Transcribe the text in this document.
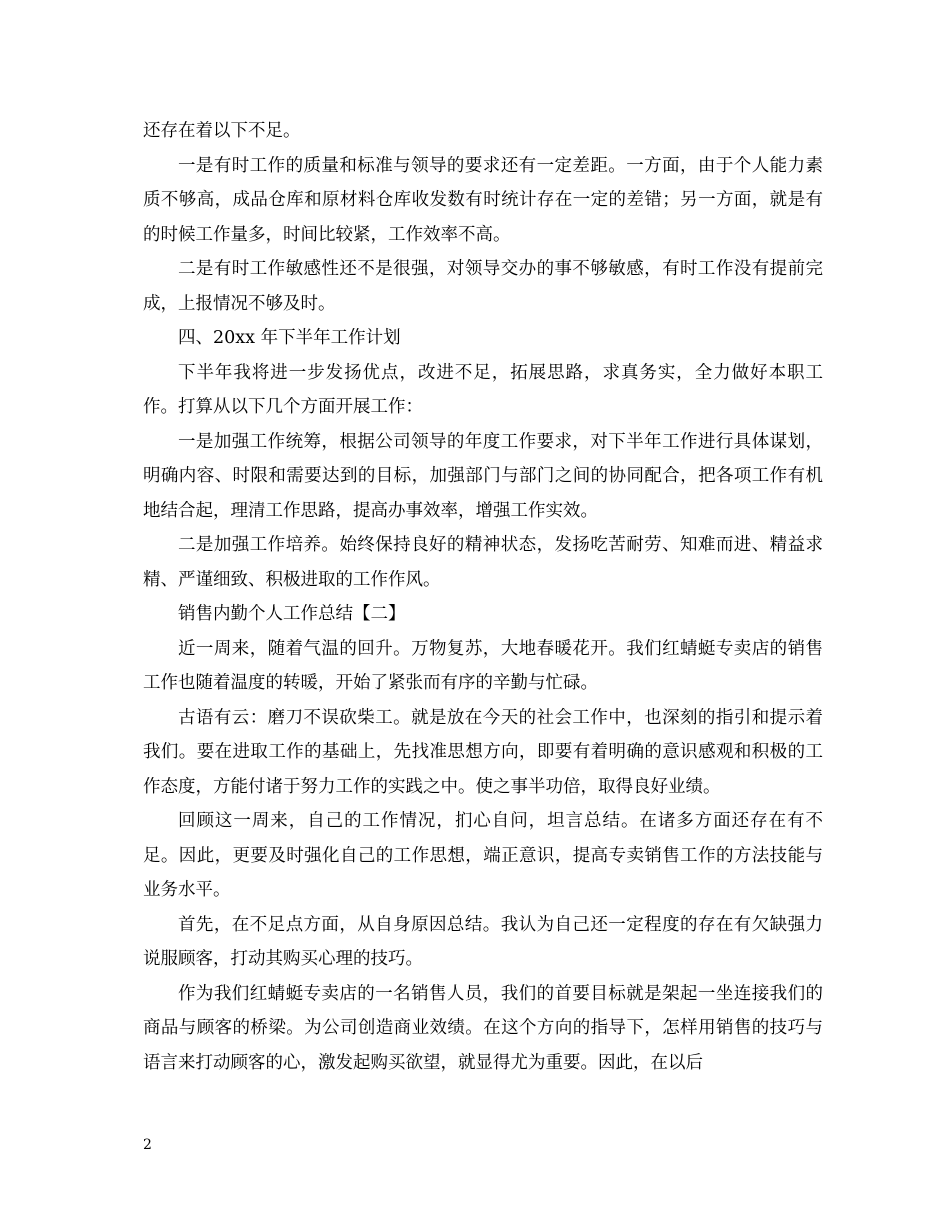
还存在着以下不足。

一是有时工作的质量和标准与领导的要求还有一定差距。一方面，由于个人能力素质不够高，成品仓库和原材料仓库收发数有时统计存在一定的差错；另一方面，就是有的时候工作量多，时间比较紧，工作效率不高。

二是有时工作敏感性还不是很强，对领导交办的事不够敏感，有时工作没有提前完成，上报情况不够及时。

四、20xx 年下半年工作计划

下半年我将进一步发扬优点，改进不足，拓展思路，求真务实，全力做好本职工作。打算从以下几个方面开展工作：

一是加强工作统筹，根据公司领导的年度工作要求，对下半年工作进行具体谋划，明确内容、时限和需要达到的目标，加强部门与部门之间的协同配合，把各项工作有机地结合起，理清工作思路，提高办事效率，增强工作实效。

二是加强工作培养。始终保持良好的精神状态，发扬吃苦耐劳、知难而进、精益求精、严谨细致、积极进取的工作作风。

销售内勤个人工作总结【二】

近一周来，随着气温的回升。万物复苏，大地春暖花开。我们红蜻蜓专卖店的销售工作也随着温度的转暖，开始了紧张而有序的辛勤与忙碌。

古语有云：磨刀不误砍柴工。就是放在今天的社会工作中，也深刻的指引和提示着我们。要在进取工作的基础上，先找准思想方向，即要有着明确的意识感观和积极的工作态度，方能付诸于努力工作的实践之中。使之事半功倍，取得良好业绩。

回顾这一周来，自己的工作情况，扪心自问，坦言总结。在诸多方面还存在有不足。因此，更要及时强化自己的工作思想，端正意识，提高专卖销售工作的方法技能与业务水平。

首先，在不足点方面，从自身原因总结。我认为自己还一定程度的存在有欠缺强力说服顾客，打动其购买心理的技巧。

作为我们红蜻蜓专卖店的一名销售人员，我们的首要目标就是架起一坐连接我们的商品与顾客的桥梁。为公司创造商业效绩。在这个方向的指导下，怎样用销售的技巧与语言来打动顾客的心，激发起购买欲望，就显得尤为重要。因此，在以后

2
